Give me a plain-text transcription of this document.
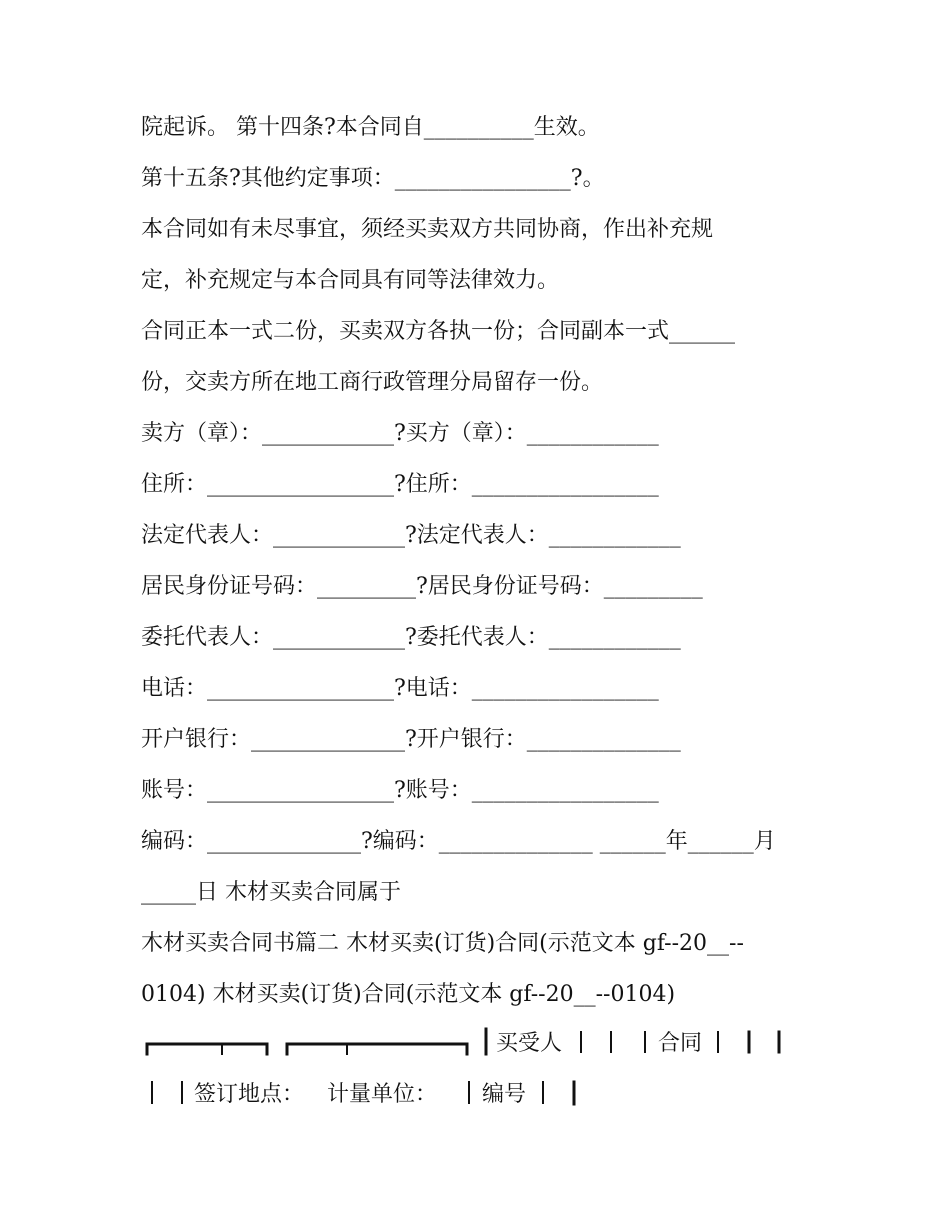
院起诉。 第十四条?本合同自__________生效。
第十五条?其他约定事项：________________?。
本合同如有未尽事宜，须经买卖双方共同协商，作出补充规
定，补充规定与本合同具有同等法律效力。
合同正本一式二份，买卖双方各执一份；合同副本一式______
份，交卖方所在地工商行政管理分局留存一份。
卖方（章）：____________?买方（章）：____________
住所：_________________?住所：_________________
法定代表人：____________?法定代表人：____________
居民身份证号码：_________?居民身份证号码：_________
委托代表人：____________?委托代表人：____________
电话：_________________?电话：_________________
开户银行：______________?开户银行：______________
账号：_________________?账号：_________________
编码：______________?编码：______________ ______年______月
_____日 木材买卖合同属于
木材买卖合同书篇二 木材买卖(订货)合同(示范文本 gf--20__--
0104) 木材买卖(订货)合同(示范文本 gf--20__--0104)
买受人	合同
签订地点： 计量单位： 编号
